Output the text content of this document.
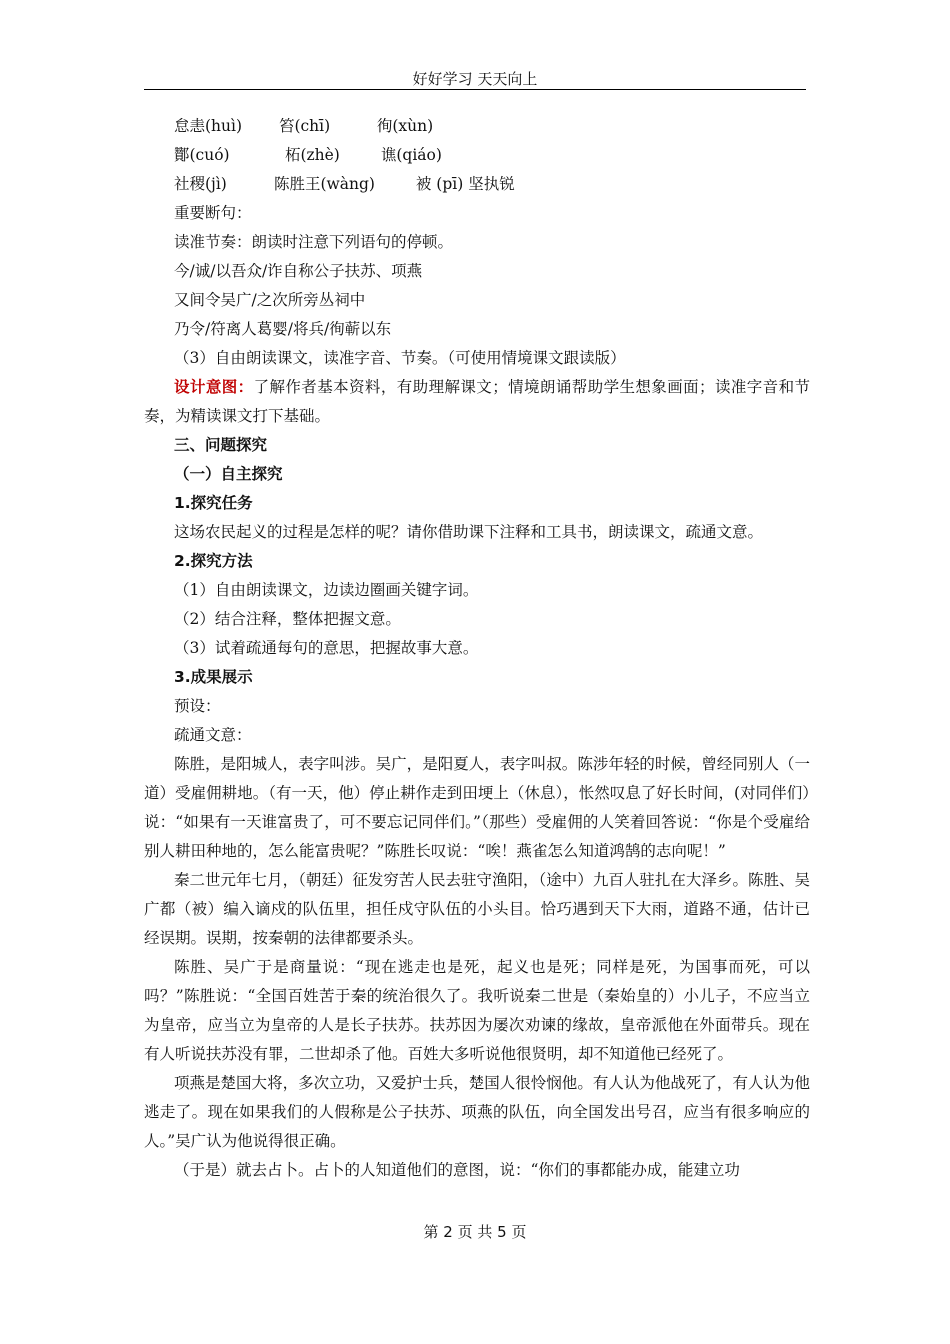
好好学习 天天向上
怠恚(huì) 笞(chī)	徇(xùn)
酇(cuó)	柘(zhè)	谯(qiáo)
社稷(jì)	陈胜王(wàng)	被 (pī) 坚执锐
重要断句：
读准节奏：朗读时注意下列语句的停顿。
今/诚/以吾众/诈自称公子扶苏、项燕
又间令吴广/之次所旁丛祠中
乃令/符离人葛婴/将兵/徇蕲以东
（3）自由朗读课文，读准字音、节奏。（可使用情境课文跟读版）
设计意图：了解作者基本资料，有助理解课文；情境朗诵帮助学生想象画面；读准字音和节奏，为精读课文打下基础。
三、问题探究
（一）自主探究
1.探究任务
这场农民起义的过程是怎样的呢？请你借助课下注释和工具书，朗读课文，疏通文意。
2.探究方法
（1）自由朗读课文，边读边圈画关键字词。
（2）结合注释，整体把握文意。
（3）试着疏通每句的意思，把握故事大意。
3.成果展示
预设：
疏通文意：
陈胜，是阳城人，表字叫涉。吴广，是阳夏人，表字叫叔。陈涉年轻的时候，曾经同别人（一道）受雇佣耕地。（有一天，他）停止耕作走到田埂上（休息），怅然叹息了好长时间，(对同伴们）说：“如果有一天谁富贵了，可不要忘记同伴们。”（那些）受雇佣的人笑着回答说：“你是个受雇给别人耕田种地的，怎么能富贵呢？”陈胜长叹说：“唉！燕雀怎么知道鸿鹄的志向呢！”
秦二世元年七月，（朝廷）征发穷苦人民去驻守渔阳，（途中）九百人驻扎在大泽乡。陈胜、吴广都（被）编入谪戍的队伍里，担任戍守队伍的小头目。恰巧遇到天下大雨，道路不通，估计已经误期。误期，按秦朝的法律都要杀头。
陈胜、吴广于是商量说：“现在逃走也是死，起义也是死；同样是死，为国事而死，可以吗？”陈胜说：“全国百姓苦于秦的统治很久了。我听说秦二世是（秦始皇的）小儿子，不应当立为皇帝，应当立为皇帝的人是长子扶苏。扶苏因为屡次劝谏的缘故，皇帝派他在外面带兵。现在有人听说扶苏没有罪，二世却杀了他。百姓大多听说他很贤明，却不知道他已经死了。
项燕是楚国大将，多次立功，又爱护士兵，楚国人很怜悯他。有人认为他战死了，有人认为他逃走了。现在如果我们的人假称是公子扶苏、项燕的队伍，向全国发出号召，应当有很多响应的人。”吴广认为他说得很正确。
（于是）就去占卜。占卜的人知道他们的意图，说：“你们的事都能办成，能建立功
第 2 页 共 5 页
